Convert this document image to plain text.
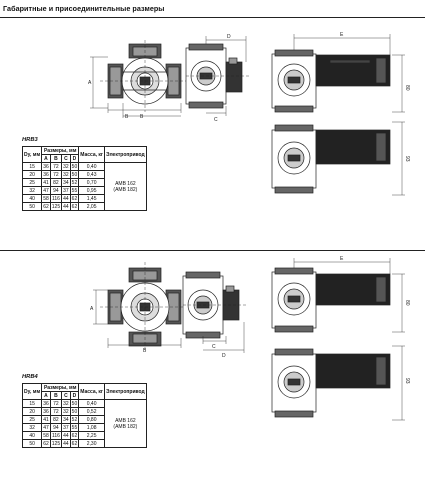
Габаритные и присоединительные размеры
A
B B
D
C
E
80
93
A
B
C
D
E
80
93
HRB3
Dy, мм	Размеры, мм				Масса, кг	Электропривод
	A	B	C	D		
15	36	72	32	50	0,40	AMB 162
(AMB 182)

20	36	72	32	50	0,43	
25	41	82	34	52	0,70	
32	47	94	37	55	0,95	
40	58	116	44	62	1,45	
50	62	125	44	62	2,05	
HRB4
Dy, мм	Размеры, мм				Масса, кг	Электропривод
	A	B	C	D		
15	36	72	32	50	0,40	AMB 162
(AMB 182)

20	36	72	32	50	0,52	
25	41	82	34	52	0,80	
32	47	94	37	55	1,08	
40	58	116	44	62	2,25	
50	62	125	44	62	2,30	
